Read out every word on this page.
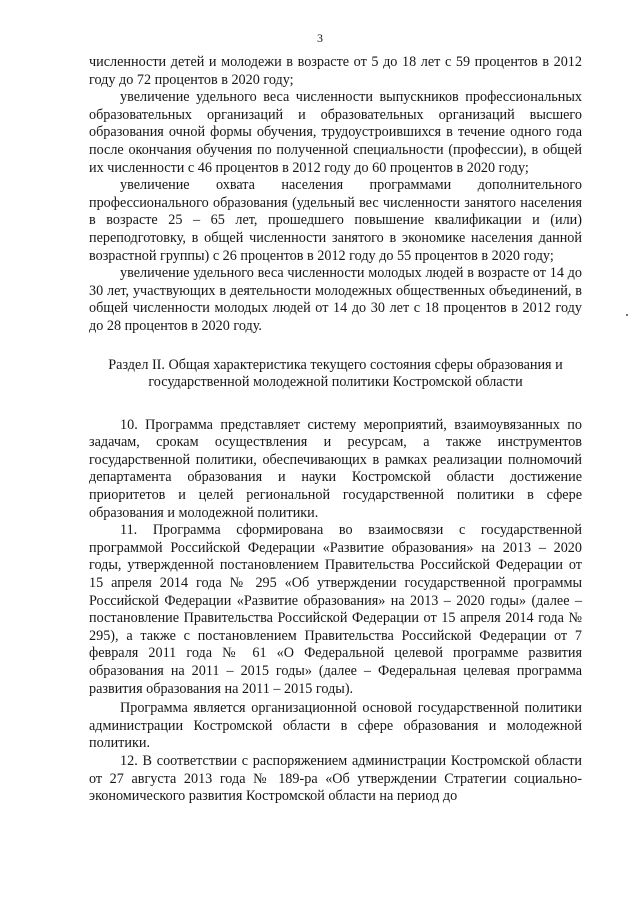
3

численности детей и молодежи в возрасте от 5 до 18 лет с 59 процентов в 2012 году до 72 процентов в 2020 году;

увеличение удельного веса численности выпускников профессиональных образовательных организаций и образовательных организаций высшего образования очной формы обучения, трудоустроившихся в течение одного года после окончания обучения по полученной специальности (профессии), в общей их численности с 46 процентов в 2012 году до 60 процентов в 2020 году;

увеличение охвата населения программами дополнительного профессионального образования (удельный вес численности занятого населения в возрасте 25 – 65 лет, прошедшего повышение квалификации и (или) переподготовку, в общей численности занятого в экономике населения данной возрастной группы) с 26 процентов в 2012 году до 55 процентов в 2020 году;

увеличение удельного веса численности молодых людей в возрасте от 14 до 30 лет, участвующих в деятельности молодежных общественных объединений, в общей численности молодых людей от 14 до 30 лет с 18 процентов в 2012 году до 28 процентов в 2020 году.

Раздел II. Общая характеристика текущего состояния сферы образования и государственной молодежной политики Костромской области

10. Программа представляет систему мероприятий, взаимоувязанных по задачам, срокам осуществления и ресурсам, а также инструментов государственной политики, обеспечивающих в рамках реализации полномочий департамента образования и науки Костромской области достижение приоритетов и целей региональной государственной политики в сфере образования и молодежной политики.

11. Программа сформирована во взаимосвязи с государственной программой Российской Федерации «Развитие образования» на 2013 – 2020 годы, утвержденной постановлением Правительства Российской Федерации от 15 апреля 2014 года № 295 «Об утверждении государственной программы Российской Федерации «Развитие образования» на 2013 – 2020 годы» (далее – постановление Правительства Российской Федерации от 15 апреля 2014 года № 295), а также с постановлением Правительства Российской Федерации от 7 февраля 2011 года № 61 «О Федеральной целевой программе развития образования на 2011 – 2015 годы» (далее – Федеральная целевая программа развития образования на 2011 – 2015 годы).

Программа является организационной основой государственной политики администрации Костромской области в сфере образования и молодежной политики.

12. В соответствии с распоряжением администрации Костромской области от 27 августа 2013 года № 189-ра «Об утверждении Стратегии социально-экономического развития Костромской области на период до
